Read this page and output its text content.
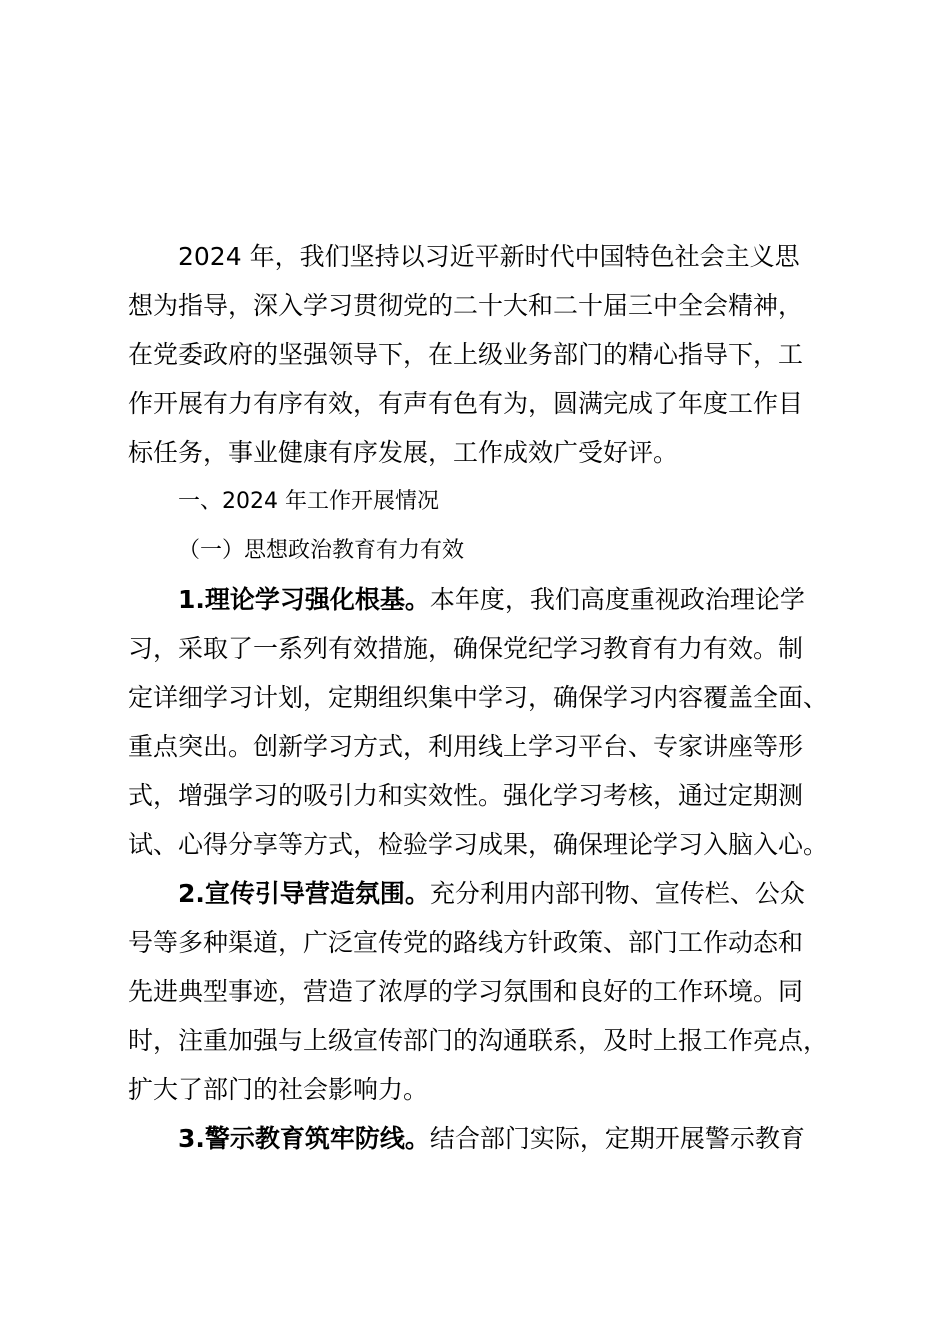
2024 年，我们坚持以习近平新时代中国特色社会主义思
想为指导，深入学习贯彻党的二十大和二十届三中全会精神，
在党委政府的坚强领导下，在上级业务部门的精心指导下，工
作开展有力有序有效，有声有色有为，圆满完成了年度工作目
标任务，事业健康有序发展，工作成效广受好评。
一、2024 年工作开展情况
（一）思想政治教育有力有效
1.理论学习强化根基。本年度，我们高度重视政治理论学
习，采取了一系列有效措施，确保党纪学习教育有力有效。制
定详细学习计划，定期组织集中学习，确保学习内容覆盖全面、
重点突出。创新学习方式，利用线上学习平台、专家讲座等形
式，增强学习的吸引力和实效性。强化学习考核，通过定期测
试、心得分享等方式，检验学习成果，确保理论学习入脑入心。
2.宣传引导营造氛围。充分利用内部刊物、宣传栏、公众
号等多种渠道，广泛宣传党的路线方针政策、部门工作动态和
先进典型事迹，营造了浓厚的学习氛围和良好的工作环境。同
时，注重加强与上级宣传部门的沟通联系，及时上报工作亮点，
扩大了部门的社会影响力。
3.警示教育筑牢防线。结合部门实际，定期开展警示教育
